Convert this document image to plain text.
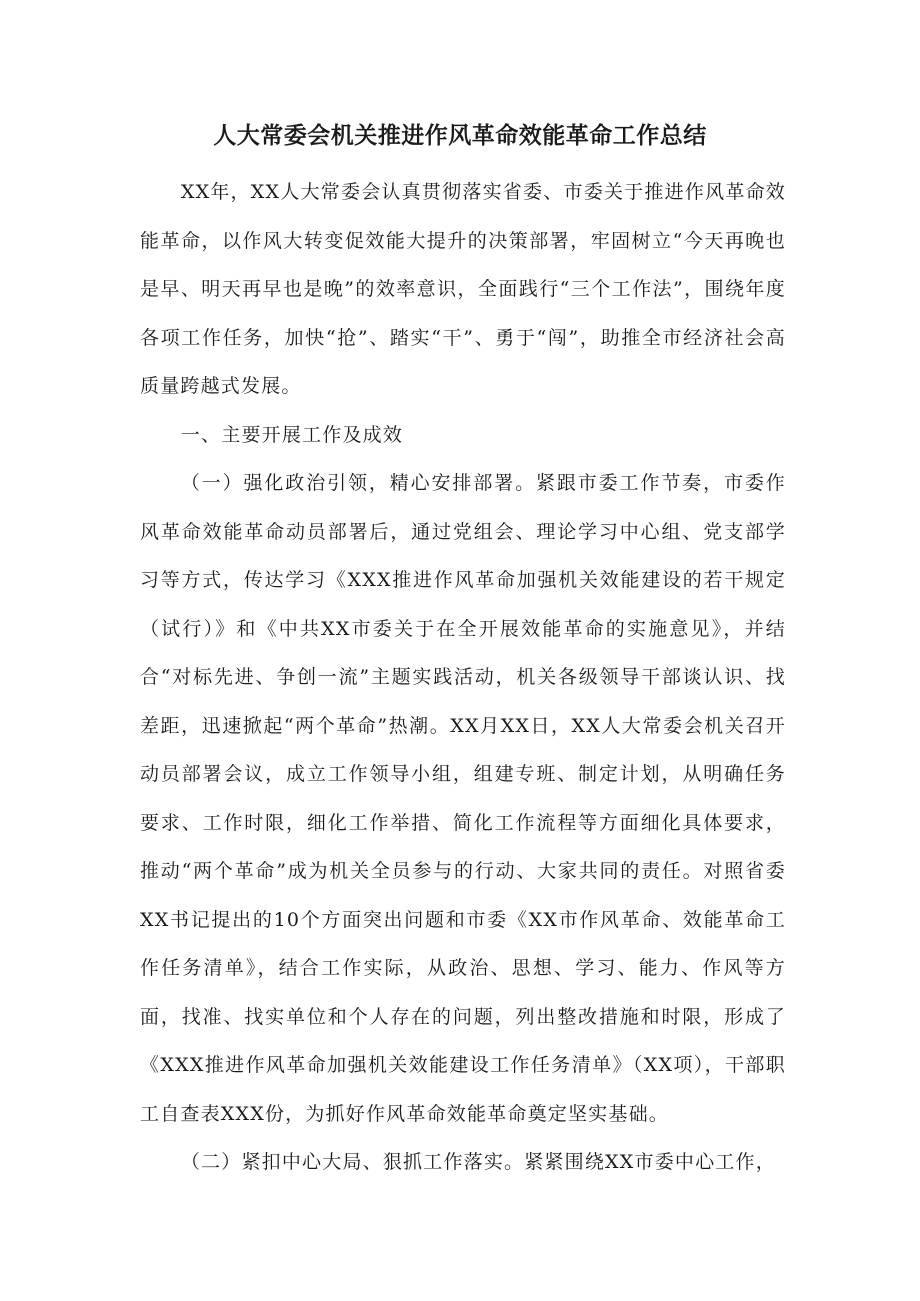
人大常委会机关推进作风革命效能革命工作总结

XX年，XX人大常委会认真贯彻落实省委、市委关于推进作风革命效能革命，以作风大转变促效能大提升的决策部署，牢固树立“今天再晚也是早、明天再早也是晚”的效率意识，全面践行“三个工作法”，围绕年度各项工作任务，加快“抢”、踏实“干”、勇于“闯”，助推全市经济社会高质量跨越式发展。

一、主要开展工作及成效

（一）强化政治引领，精心安排部署。紧跟市委工作节奏，市委作风革命效能革命动员部署后，通过党组会、理论学习中心组、党支部学习等方式，传达学习《XXX推进作风革命加强机关效能建设的若干规定（试行）》和《中共XX市委关于在全开展效能革命的实施意见》，并结合“对标先进、争创一流”主题实践活动，机关各级领导干部谈认识、找差距，迅速掀起“两个革命”热潮。XX月XX日，XX人大常委会机关召开动员部署会议，成立工作领导小组，组建专班、制定计划，从明确任务要求、工作时限，细化工作举措、简化工作流程等方面细化具体要求，推动“两个革命”成为机关全员参与的行动、大家共同的责任。对照省委XX书记提出的10个方面突出问题和市委《XX市作风革命、效能革命工作任务清单》，结合工作实际，从政治、思想、学习、能力、作风等方面，找准、找实单位和个人存在的问题，列出整改措施和时限，形成了《XXX推进作风革命加强机关效能建设工作任务清单》（XX项），干部职工自查表XXX份，为抓好作风革命效能革命奠定坚实基础。

（二）紧扣中心大局、狠抓工作落实。紧紧围绕XX市委中心工作，
